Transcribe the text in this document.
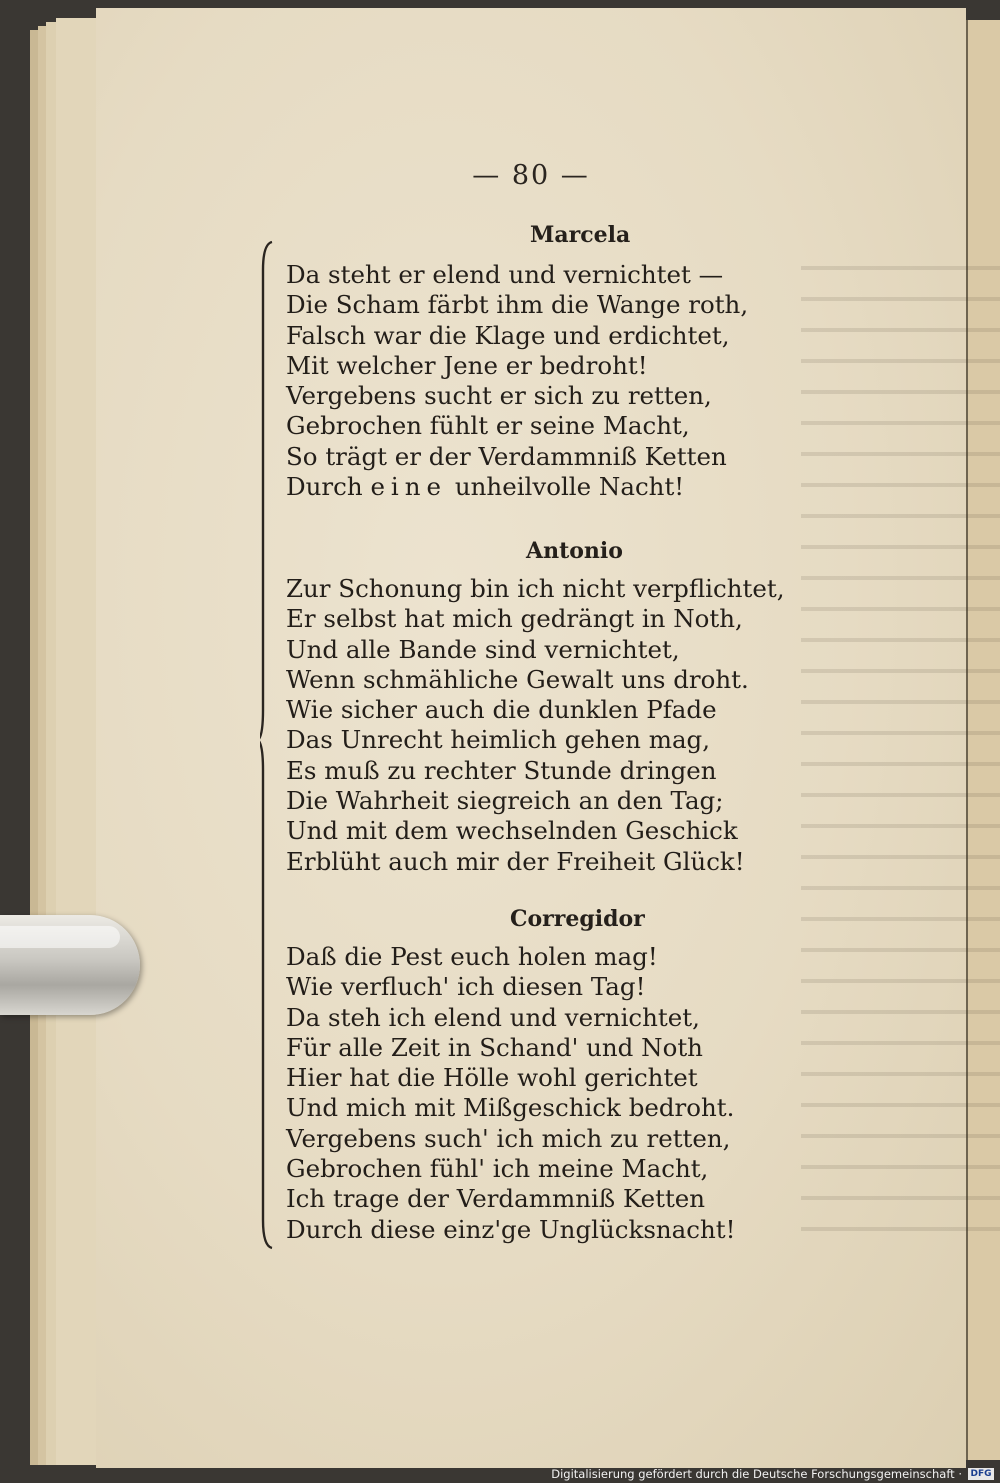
— 80 —
Marcela
Da steht er elend und vernichtet —
Die Scham färbt ihm die Wange roth,
Falsch war die Klage und erdichtet,
Mit welcher Jene er bedroht!
Vergebens sucht er sich zu retten,
Gebrochen fühlt er seine Macht,
So trägt er der Verdammniß Ketten
Durch eine unheilvolle Nacht!
Antonio
Zur Schonung bin ich nicht verpflichtet,
Er selbst hat mich gedrängt in Noth,
Und alle Bande sind vernichtet,
Wenn schmähliche Gewalt uns droht.
Wie sicher auch die dunklen Pfade
Das Unrecht heimlich gehen mag,
Es muß zu rechter Stunde dringen
Die Wahrheit siegreich an den Tag;
Und mit dem wechselnden Geschick
Erblüht auch mir der Freiheit Glück!
Corregidor
Daß die Pest euch holen mag!
Wie verfluch' ich diesen Tag!
Da steh ich elend und vernichtet,
Für alle Zeit in Schand' und Noth
Hier hat die Hölle wohl gerichtet
Und mich mit Mißgeschick bedroht.
Vergebens such' ich mich zu retten,
Gebrochen fühl' ich meine Macht,
Ich trage der Verdammniß Ketten
Durch diese einz'ge Unglücksnacht!
Digitalisierung gefördert durch die Deutsche Forschungsgemeinschaft · DFG
